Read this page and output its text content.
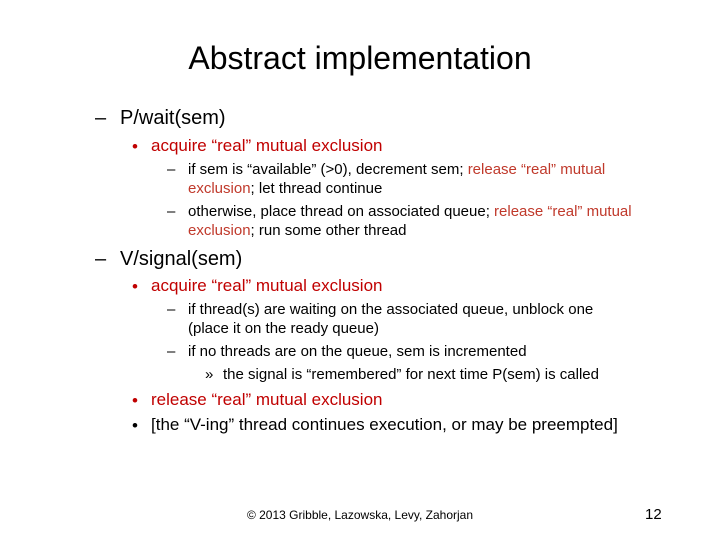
Abstract implementation
– P/wait(sem)
• acquire “real” mutual exclusion
– if sem is “available” (>0), decrement sem; release “real” mutual
exclusion; let thread continue
– otherwise, place thread on associated queue; release “real” mutual
exclusion; run some other thread
– V/signal(sem)
• acquire “real” mutual exclusion
– if thread(s) are waiting on the associated queue, unblock one
(place it on the ready queue)
– if no threads are on the queue, sem is incremented
» the signal is “remembered” for next time P(sem) is called
• release “real” mutual exclusion
• [the “V-ing” thread continues execution, or may be preempted]
© 2013 Gribble, Lazowska, Levy, Zahorjan	12
